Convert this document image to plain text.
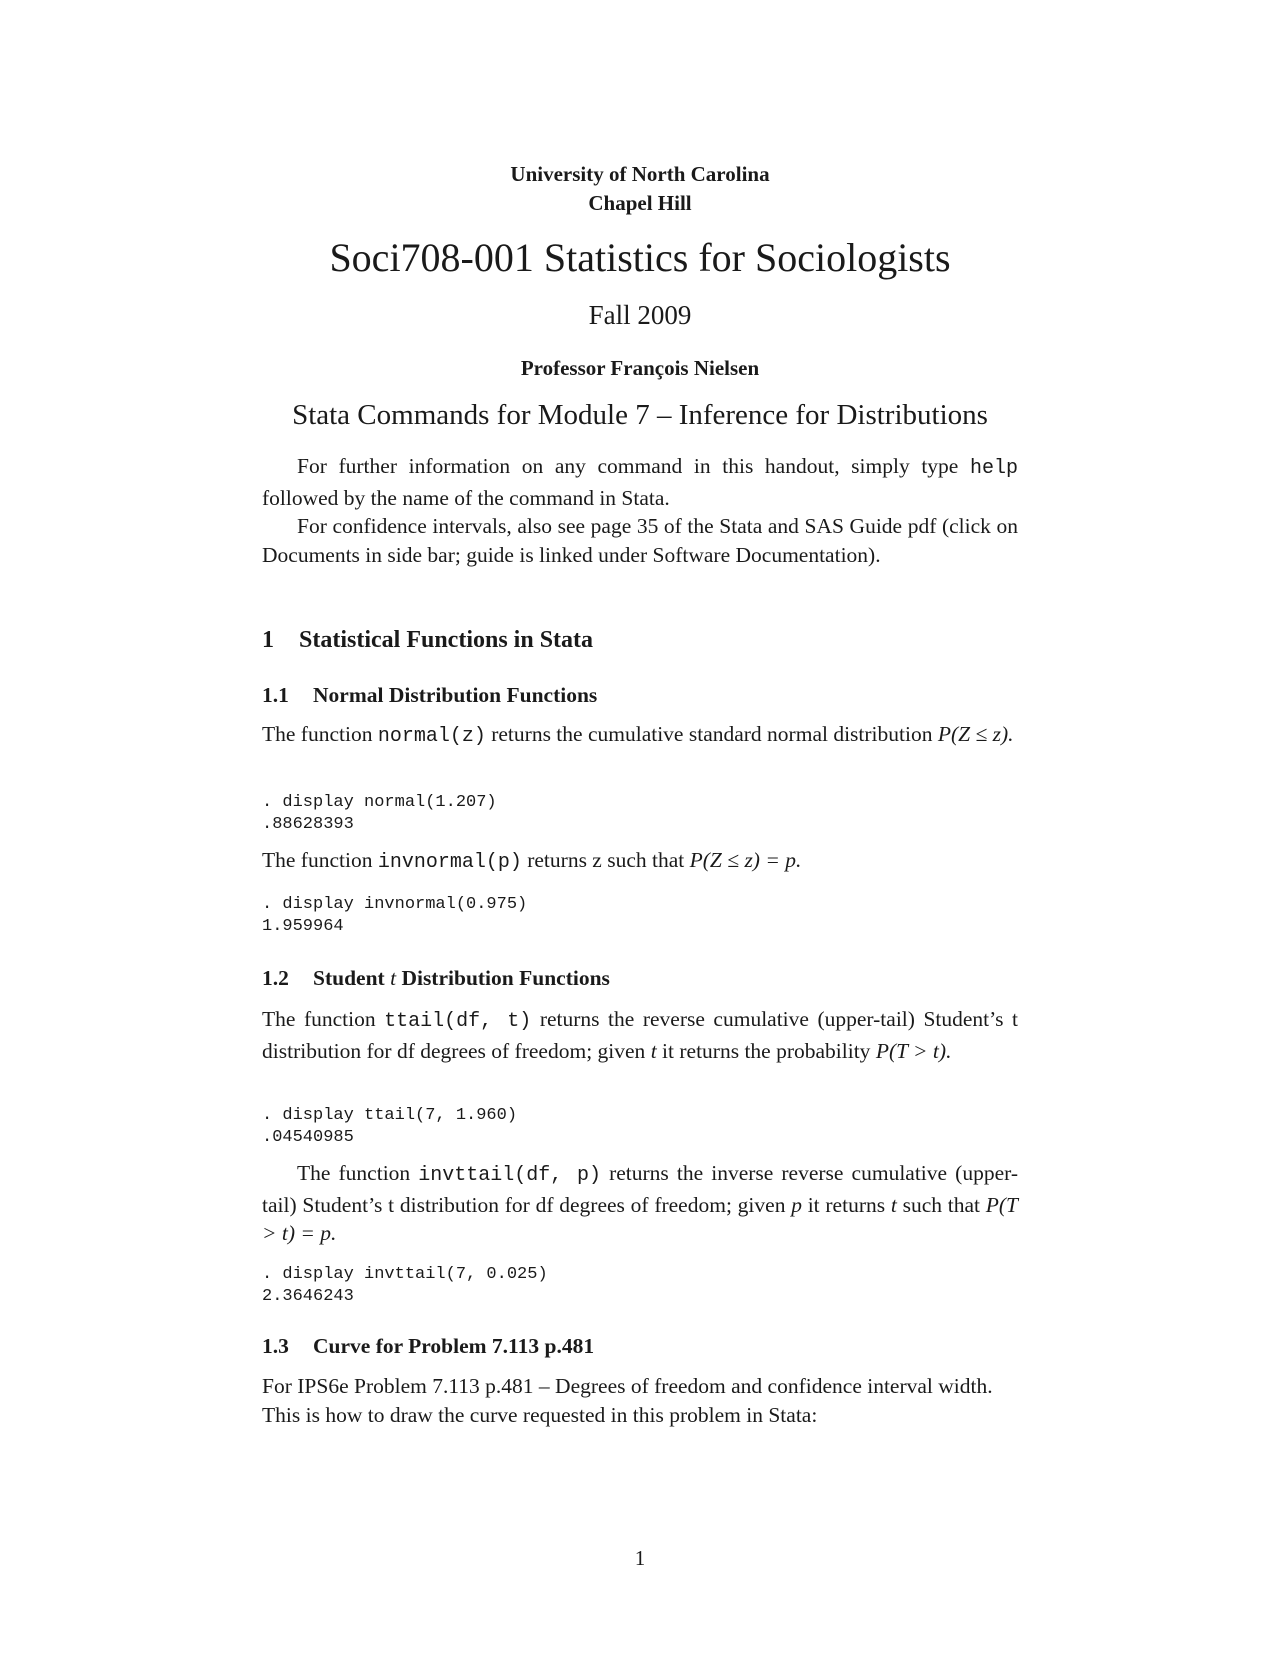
University of North Carolina
Chapel Hill
Soci708-001 Statistics for Sociologists
Fall 2009
Professor François Nielsen
Stata Commands for Module 7 – Inference for Distributions

For further information on any command in this handout, simply type help followed by the name of the command in Stata.

For confidence intervals, also see page 35 of the Stata and SAS Guide pdf (click on Documents in side bar; guide is linked under Software Documentation).

1 Statistical Functions in Stata
1.1 Normal Distribution Functions

The function normal(z) returns the cumulative standard normal distribution P(Z ≤ z).

. display normal(1.207)
.88628393

The function invnormal(p) returns z such that P(Z ≤ z) = p.

. display invnormal(0.975)
1.959964
1.2 Student t Distribution Functions

The function ttail(df, t) returns the reverse cumulative (upper-tail) Student’s t distribution for df degrees of freedom; given t it returns the probability P(T > t).

. display ttail(7, 1.960)
.04540985

The function invttail(df, p) returns the inverse reverse cumulative (upper-tail) Student’s t distribution for df degrees of freedom; given p it returns t such that P(T > t) = p.

. display invttail(7, 0.025)
2.3646243
1.3 Curve for Problem 7.113 p.481

For IPS6e Problem 7.113 p.481 – Degrees of freedom and confidence interval width.

This is how to draw the curve requested in this problem in Stata:

1
